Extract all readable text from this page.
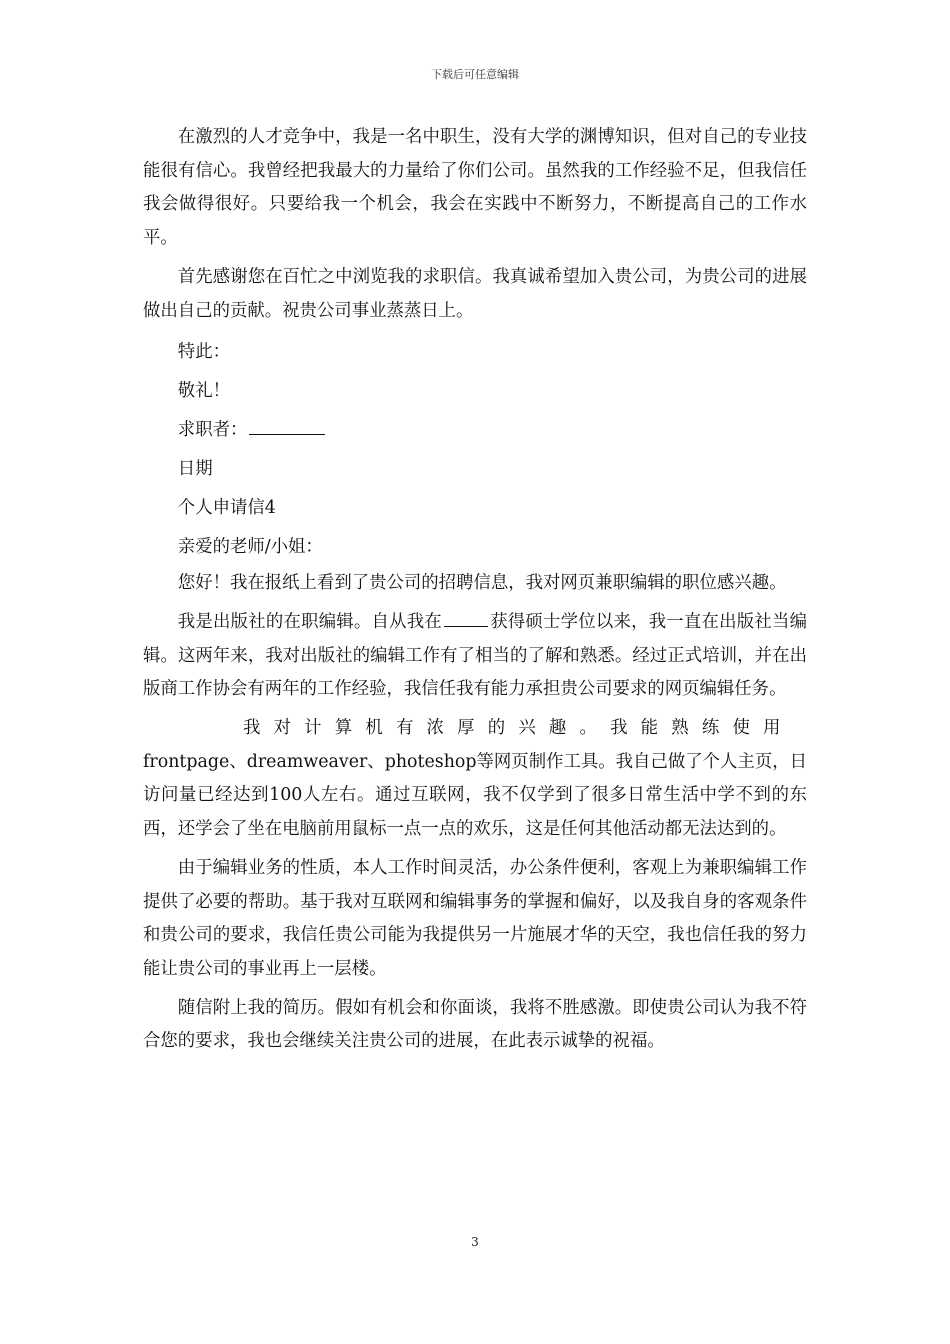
下载后可任意编辑

在激烈的人才竞争中，我是一名中职生，没有大学的渊博知识，但对自己的专业技能很有信心。我曾经把我最大的力量给了你们公司。虽然我的工作经验不足，但我信任我会做得很好。只要给我一个机会，我会在实践中不断努力，不断提高自己的工作水平。

首先感谢您在百忙之中浏览我的求职信。我真诚希望加入贵公司，为贵公司的进展做出自己的贡献。祝贵公司事业蒸蒸日上。

特此：

敬礼！

求职者：

日期

个人申请信4

亲爱的老师/小姐：

您好！我在报纸上看到了贵公司的招聘信息，我对网页兼职编辑的职位感兴趣。

我是出版社的在职编辑。自从我在	获得硕士学位以来，我一直在出版社当编辑。这两年来，我对出版社的编辑工作有了相当的了解和熟悉。经过正式培训，并在出版商工作协会有两年的工作经验，我信任我有能力承担贵公司要求的网页编辑任务。

我对计算机有浓厚的兴趣。我能熟练使用
frontpage、dreamweaver、photeshop等网页制作工具。我自己做了个人主页，日访问量已经达到100人左右。通过互联网，我不仅学到了很多日常生活中学不到的东西，还学会了坐在电脑前用鼠标一点一点的欢乐，这是任何其他活动都无法达到的。

由于编辑业务的性质，本人工作时间灵活，办公条件便利，客观上为兼职编辑工作提供了必要的帮助。基于我对互联网和编辑事务的掌握和偏好，以及我自身的客观条件和贵公司的要求，我信任贵公司能为我提供另一片施展才华的天空，我也信任我的努力能让贵公司的事业再上一层楼。

随信附上我的简历。假如有机会和你面谈，我将不胜感激。即使贵公司认为我不符合您的要求，我也会继续关注贵公司的进展，在此表示诚挚的祝福。

3
